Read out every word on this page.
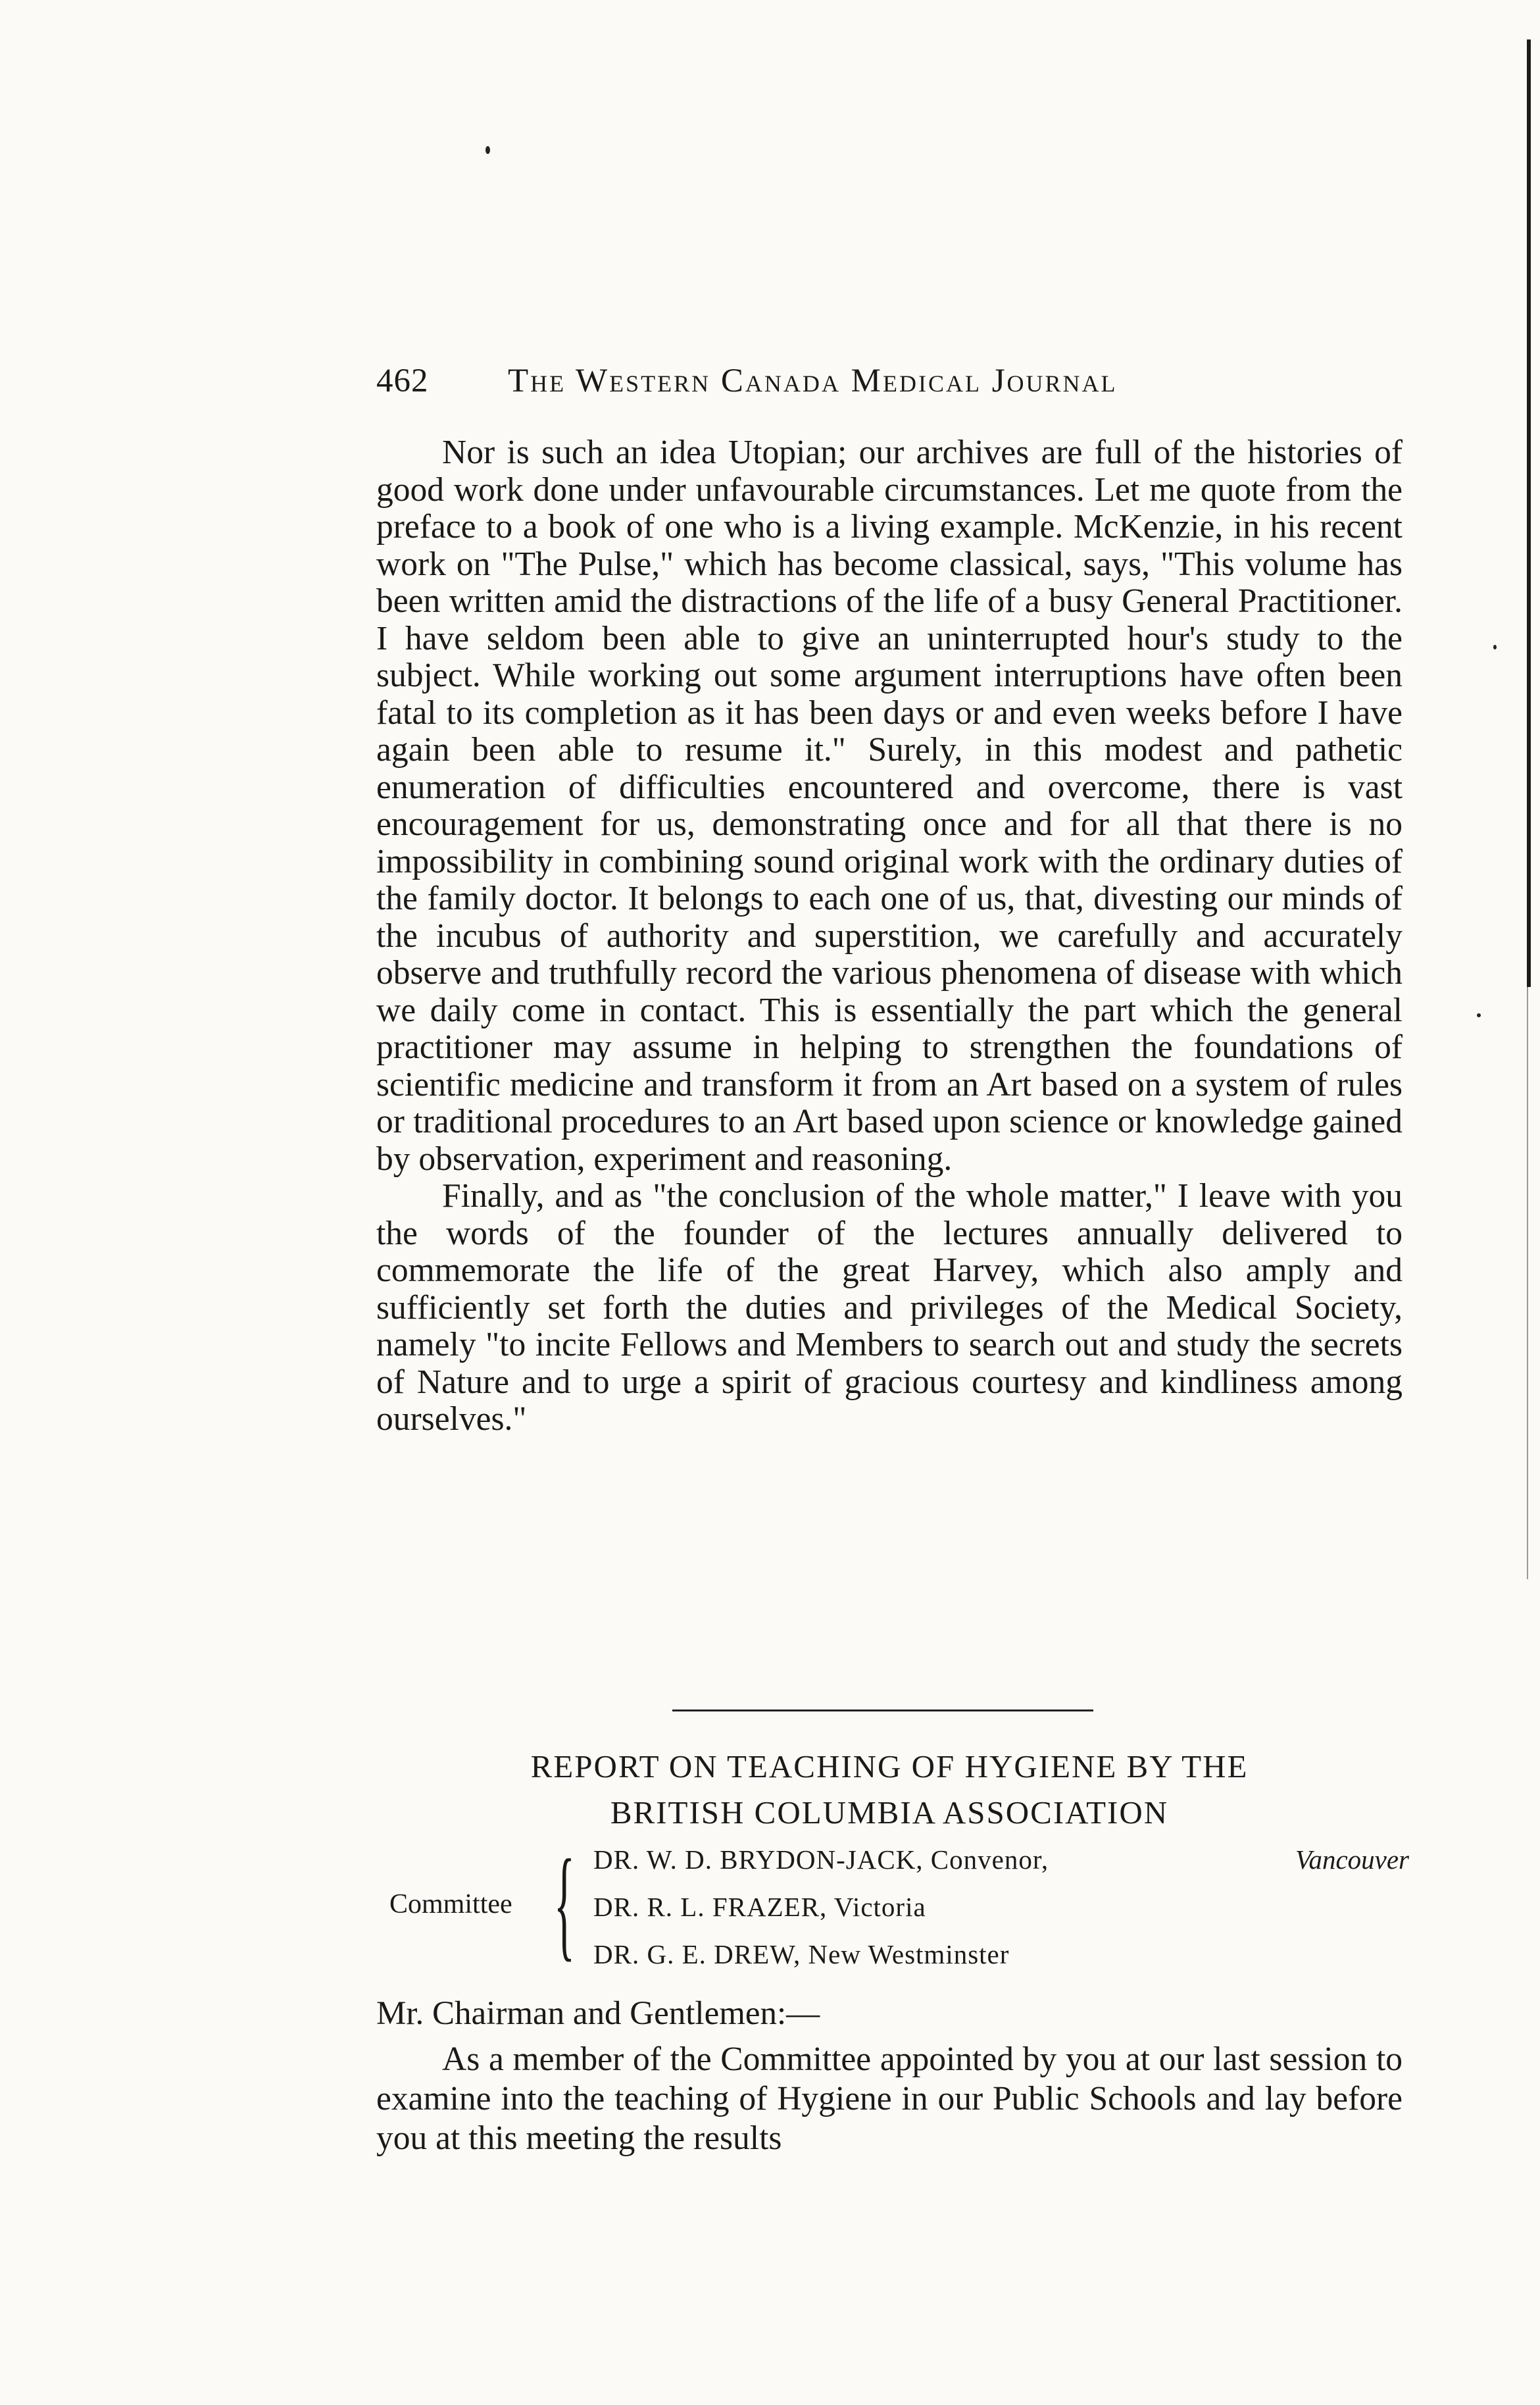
462 The Western Canada Medical Journal

Nor is such an idea Utopian; our archives are full of the histories of good work done under unfavourable circumstances. Let me quote from the preface to a book of one who is a living example. McKenzie, in his recent work on "The Pulse," which has become classical, says, "This volume has been written amid the distractions of the life of a busy General Practitioner. I have seldom been able to give an uninterrupted hour's study to the subject. While working out some argument interruptions have often been fatal to its completion as it has been days or and even weeks before I have again been able to resume it." Surely, in this modest and pathetic enumeration of difficulties encountered and overcome, there is vast encouragement for us, demonstrating once and for all that there is no impossibility in combining sound original work with the ordinary duties of the family doctor. It belongs to each one of us, that, divesting our minds of the incubus of authority and superstition, we carefully and accurately observe and truthfully record the various phenomena of disease with which we daily come in contact. This is essentially the part which the general practitioner may assume in helping to strengthen the foundations of scientific medicine and transform it from an Art based on a system of rules or traditional procedures to an Art based upon science or knowledge gained by observation, experiment and reasoning.

Finally, and as "the conclusion of the whole matter," I leave with you the words of the founder of the lectures annually delivered to commemorate the life of the great Harvey, which also amply and sufficiently set forth the duties and privileges of the Medical Society, namely "to incite Fellows and Members to search out and study the secrets of Nature and to urge a spirit of gracious courtesy and kindliness among ourselves."

REPORT ON TEACHING OF HYGIENE BY THE
BRITISH COLUMBIA ASSOCIATION
Committee { DR. W. D. BRYDON-JACK, Convenor,	Vancouver
DR. R. L. FRAZER, Victoria
DR. G. E. DREW, New Westminster
Mr. Chairman and Gentlemen:—

As a member of the Committee appointed by you at our last session to examine into the teaching of Hygiene in our Public Schools and lay before you at this meeting the results
